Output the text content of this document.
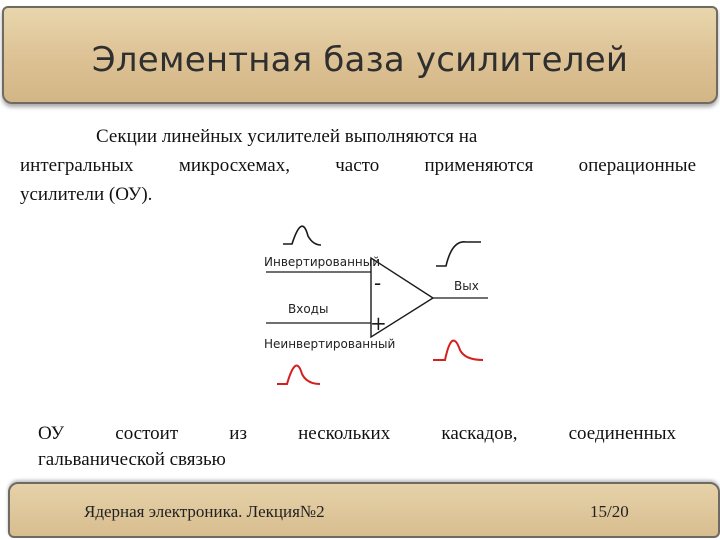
Элементная база усилителей
Секции линейных усилителей выполняются на
интегральных микросхемах, часто применяются операционные
усилители (ОУ).
Инвертированный
Входы
-
+
Вых
Неинвертированный
ОУ состоит из нескольких каскадов, соединенных
гальванической связью
Ядерная электроника. Лекция№2	15/20
